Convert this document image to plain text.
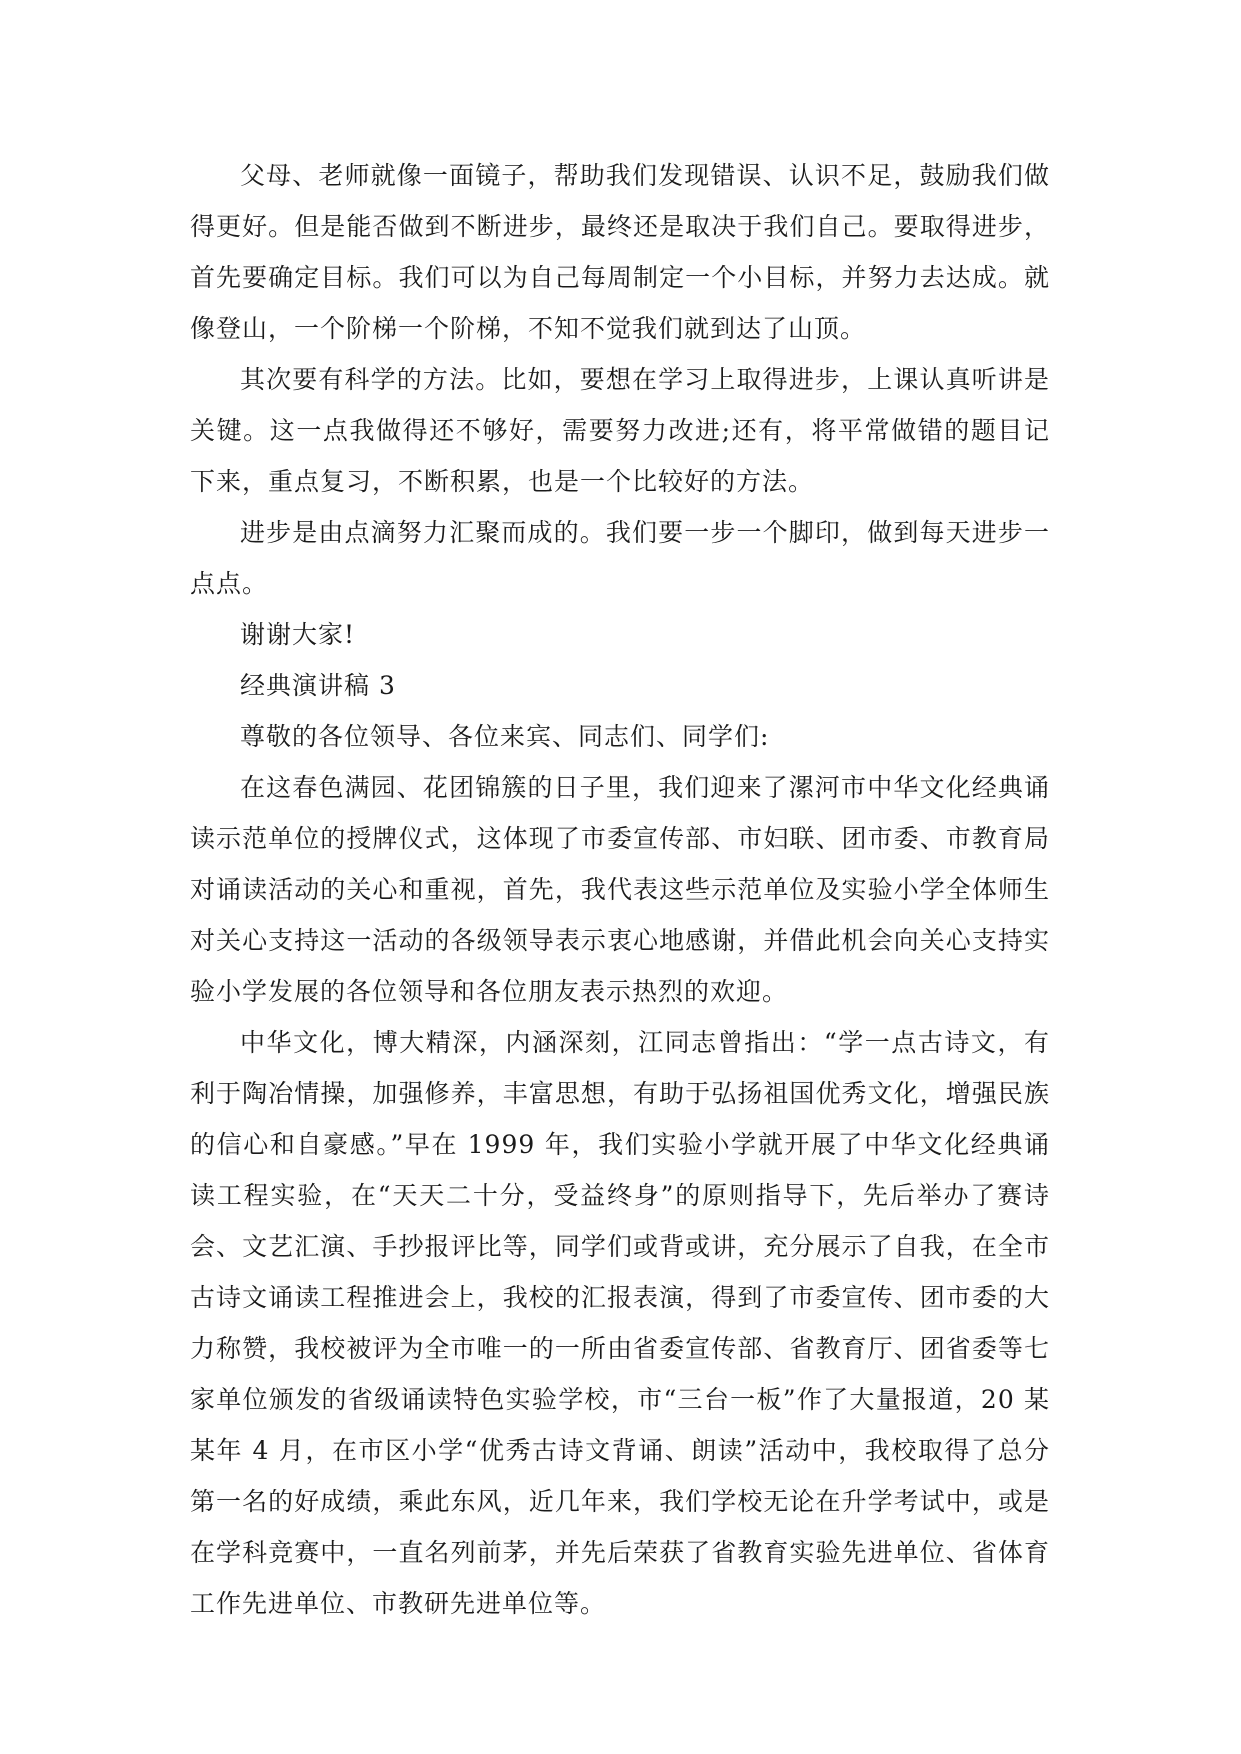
父母、老师就像一面镜子，帮助我们发现错误、认识不足，鼓励我们做得更好。但是能否做到不断进步，最终还是取决于我们自己。要取得进步，首先要确定目标。我们可以为自己每周制定一个小目标，并努力去达成。就像登山，一个阶梯一个阶梯，不知不觉我们就到达了山顶。

其次要有科学的方法。比如，要想在学习上取得进步，上课认真听讲是关键。这一点我做得还不够好，需要努力改进;还有，将平常做错的题目记下来，重点复习，不断积累，也是一个比较好的方法。

进步是由点滴努力汇聚而成的。我们要一步一个脚印，做到每天进步一点点。

谢谢大家!

经典演讲稿 3

尊敬的各位领导、各位来宾、同志们、同学们:

在这春色满园、花团锦簇的日子里，我们迎来了漯河市中华文化经典诵读示范单位的授牌仪式，这体现了市委宣传部、市妇联、团市委、市教育局对诵读活动的关心和重视，首先，我代表这些示范单位及实验小学全体师生对关心支持这一活动的各级领导表示衷心地感谢，并借此机会向关心支持实验小学发展的各位领导和各位朋友表示热烈的欢迎。

中华文化，博大精深，内涵深刻，江同志曾指出：“学一点古诗文，有利于陶冶情操，加强修养，丰富思想，有助于弘扬祖国优秀文化，增强民族的信心和自豪感。”早在 1999 年，我们实验小学就开展了中华文化经典诵读工程实验，在“天天二十分，受益终身”的原则指导下，先后举办了赛诗会、文艺汇演、手抄报评比等，同学们或背或讲，充分展示了自我，在全市古诗文诵读工程推进会上，我校的汇报表演，得到了市委宣传、团市委的大力称赞，我校被评为全市唯一的一所由省委宣传部、省教育厅、团省委等七家单位颁发的省级诵读特色实验学校，市“三台一板”作了大量报道，20 某某年 4 月，在市区小学“优秀古诗文背诵、朗读”活动中，我校取得了总分第一名的好成绩，乘此东风，近几年来，我们学校无论在升学考试中，或是在学科竞赛中，一直名列前茅，并先后荣获了省教育实验先进单位、省体育工作先进单位、市教研先进单位等。
